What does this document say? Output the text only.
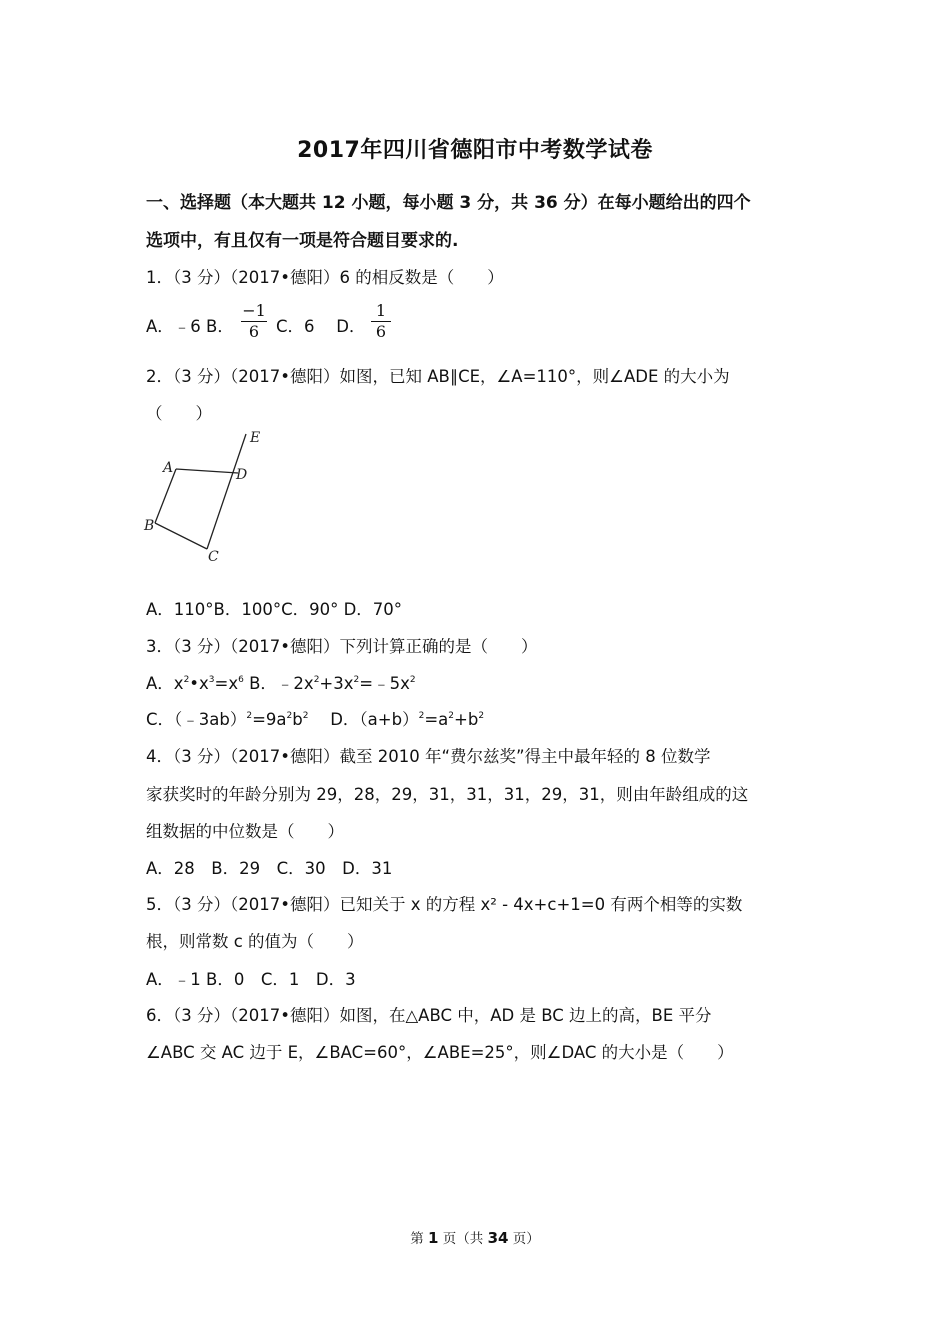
2017年四川省德阳市中考数学试卷
一、选择题（本大题共 12 小题，每小题 3 分，共 36 分）在每小题给出的四个
选项中，有且仅有一项是符合题目要求的.
1．（3 分）（2017•德阳）6 的相反数是（　　）
A．﹣6 B． $\frac{-1}{6}$ C．6　 D． $\frac{1}{6}$
2．（3 分）（2017•德阳）如图，已知 AB∥CE，∠A=110°，则∠ADE 的大小为
（　　）
A
B
C
D
E
A．110°B．100°C．90° D．70°
3．（3 分）（2017•德阳）下列计算正确的是（　　）
A．$x^2•x^3=x^6$ B．$﹣2x^2+3x^2=﹣5x^2$
C．$(﹣3ab)^2=9a^2b^2$　 D．$(a+b)^2=a^2+b^2$
4．（3 分）（2017•德阳）截至 2010 年“费尔兹奖”得主中最年轻的 8 位数学
家获奖时的年龄分别为 29，28，29，31，31，31，29，31，则由年龄组成的这
组数据的中位数是（　　）
A．28　B．29　C．30　D．31
5．（3 分）（2017•德阳）已知关于 x 的方程 x² - 4x+c+1=0 有两个相等的实数
根，则常数 c 的值为（　　）
A．﹣1 B．0　C．1　D．3
6．（3 分）（2017•德阳）如图，在△ABC 中，AD 是 BC 边上的高，BE 平分
∠ABC 交 AC 边于 E，∠BAC=60°，∠ABE=25°，则∠DAC 的大小是（　　）
第 1 页（共 34 页）
